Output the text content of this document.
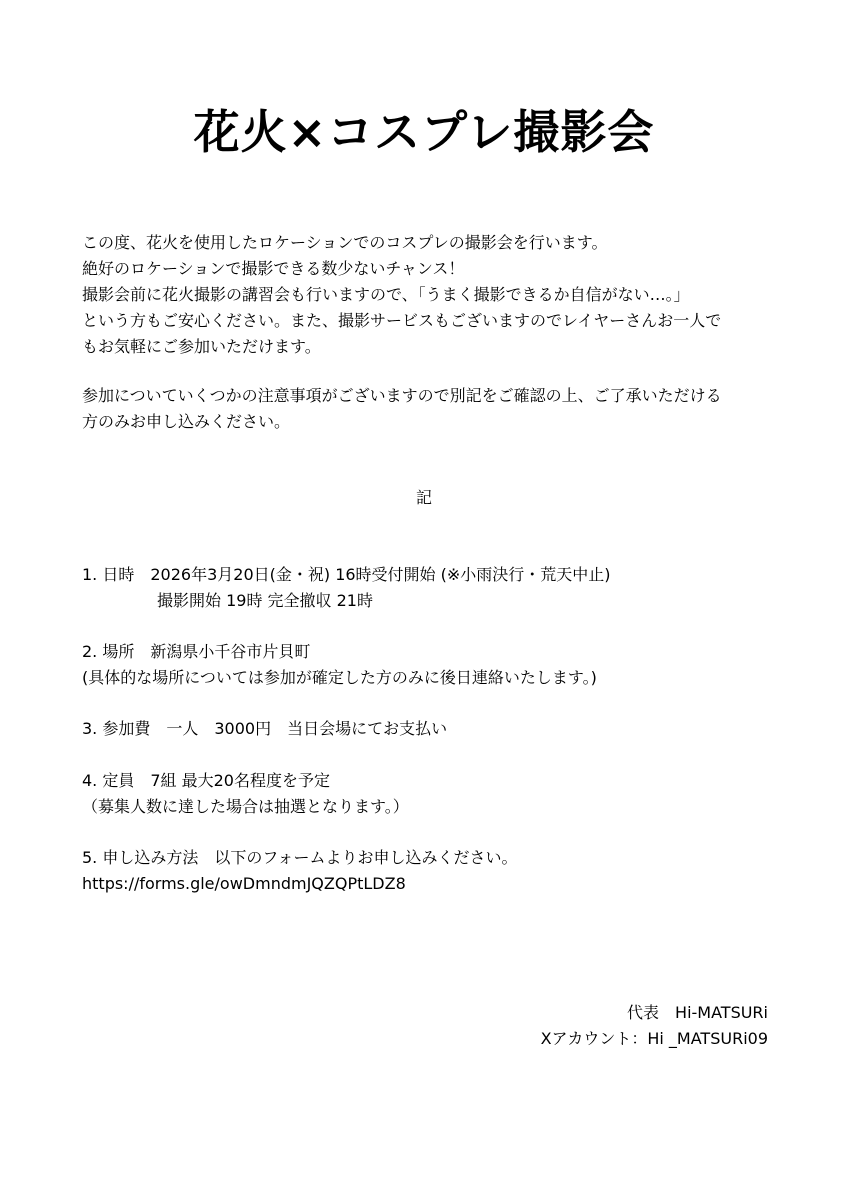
花火×コスプレ撮影会
この度、花火を使用したロケーションでのコスプレの撮影会を行います。
絶好のロケーションで撮影できる数少ないチャンス！
撮影会前に花火撮影の講習会も行いますので、「うまく撮影できるか自信がない…。」
という方もご安心ください。また、撮影サービスもございますのでレイヤーさんお一人で
もお気軽にご参加いただけます。
参加についていくつかの注意事項がございますので別記をご確認の上、ご了承いただける
方のみお申し込みください。
記
1. 日時 2026年3月20日(金・祝) 16時受付開始 (※小雨決行・荒天中止)
撮影開始 19時 完全撤収 21時
2. 場所 新潟県小千谷市片貝町
(具体的な場所については参加が確定した方のみに後日連絡いたします。)
3. 参加費 一人　3000円　当日会場にてお支払い
4. 定員 7組 最大20名程度を予定
（募集人数に達した場合は抽選となります。）
5. 申し込み方法 以下のフォームよりお申し込みください。
https://forms.gle/owDmndmJQZQPtLDZ8
代表　Hi-MATSURi
Xアカウント：Hi _MATSURi09
